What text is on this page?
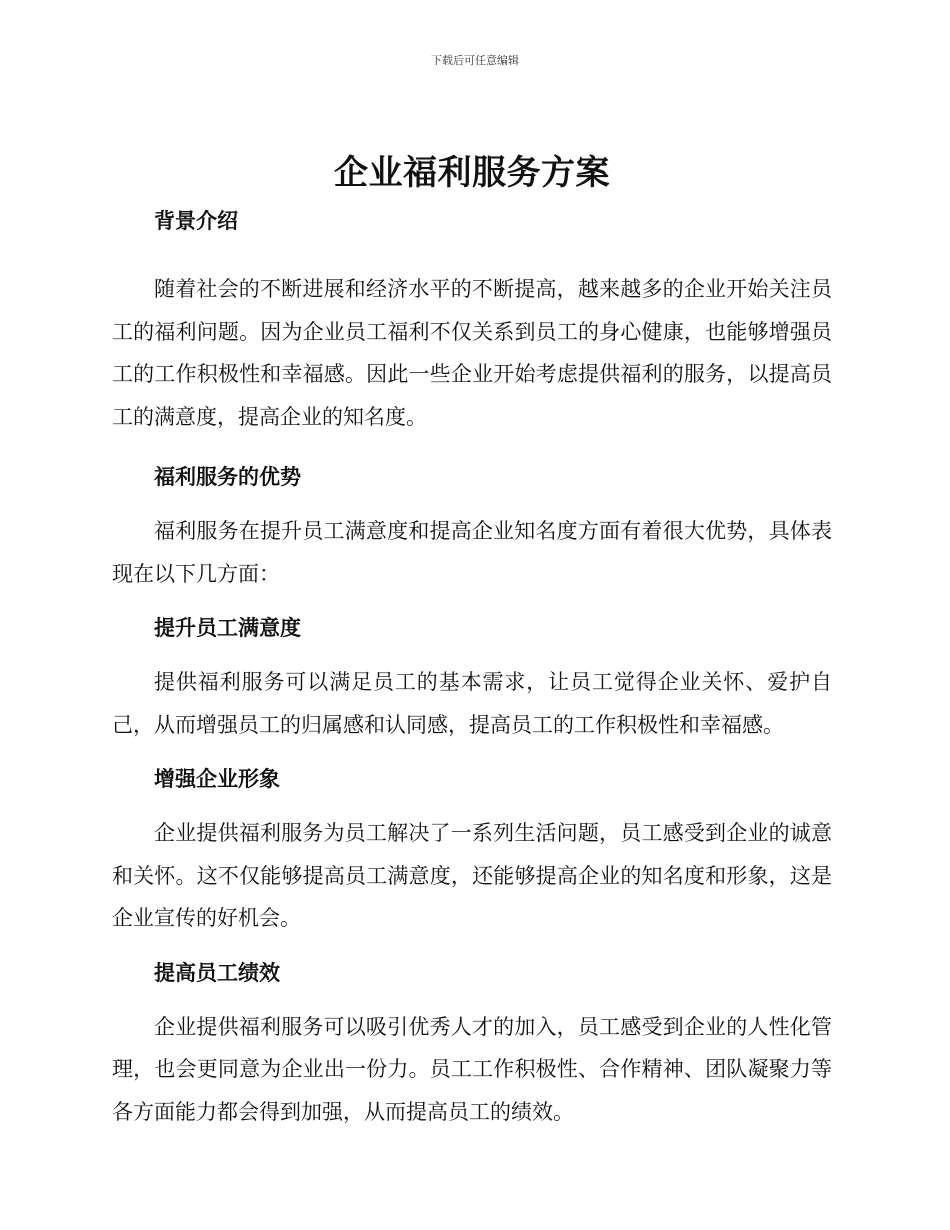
下载后可任意编辑
企业福利服务方案
背景介绍

随着社会的不断进展和经济水平的不断提高，越来越多的企业开始关注员工的福利问题。因为企业员工福利不仅关系到员工的身心健康，也能够增强员工的工作积极性和幸福感。因此一些企业开始考虑提供福利的服务，以提高员工的满意度，提高企业的知名度。

福利服务的优势

福利服务在提升员工满意度和提高企业知名度方面有着很大优势，具体表现在以下几方面：

提升员工满意度

提供福利服务可以满足员工的基本需求，让员工觉得企业关怀、爱护自己，从而增强员工的归属感和认同感，提高员工的工作积极性和幸福感。

增强企业形象

企业提供福利服务为员工解决了一系列生活问题，员工感受到企业的诚意和关怀。这不仅能够提高员工满意度，还能够提高企业的知名度和形象，这是企业宣传的好机会。

提高员工绩效

企业提供福利服务可以吸引优秀人才的加入，员工感受到企业的人性化管理，也会更同意为企业出一份力。员工工作积极性、合作精神、团队凝聚力等各方面能力都会得到加强，从而提高员工的绩效。
